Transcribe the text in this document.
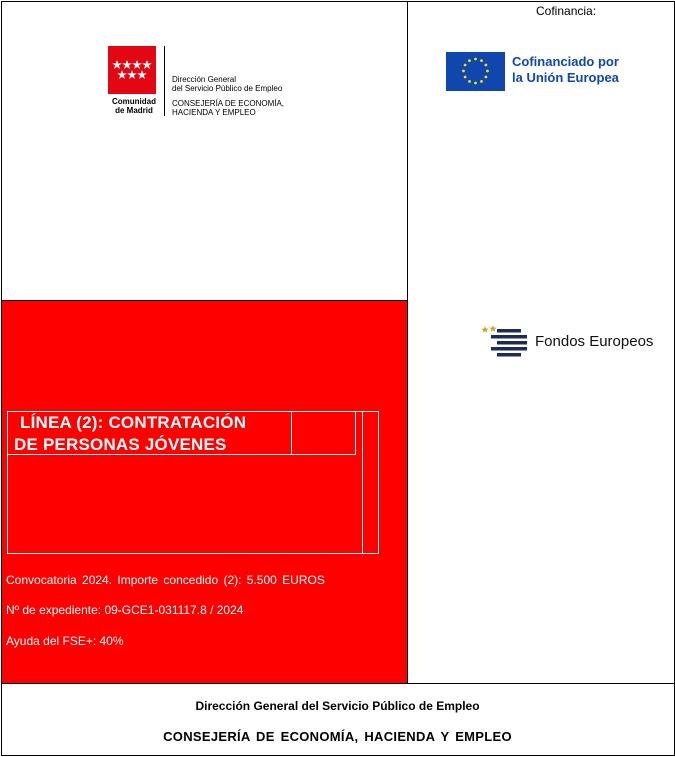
Comunidad
de Madrid
Dirección General
del Servicio Público de Empleo
CONSEJERÍA DE ECONOMÍA,
HACIENDA Y EMPLEO
Cofinancia:
Cofinanciado por
la Unión Europea
Fondos Europeos
LÍNEA (2): CONTRATACIÓN
DE PERSONAS JÓVENES
Convocatoria 2024. Importe concedido (2): 5.500 EUROS
Nº de expediente: 09-GCE1-031117.8 / 2024
Ayuda del FSE+: 40%
Dirección General del Servicio Público de Empleo
CONSEJERÍA DE ECONOMÍA, HACIENDA Y EMPLEO
